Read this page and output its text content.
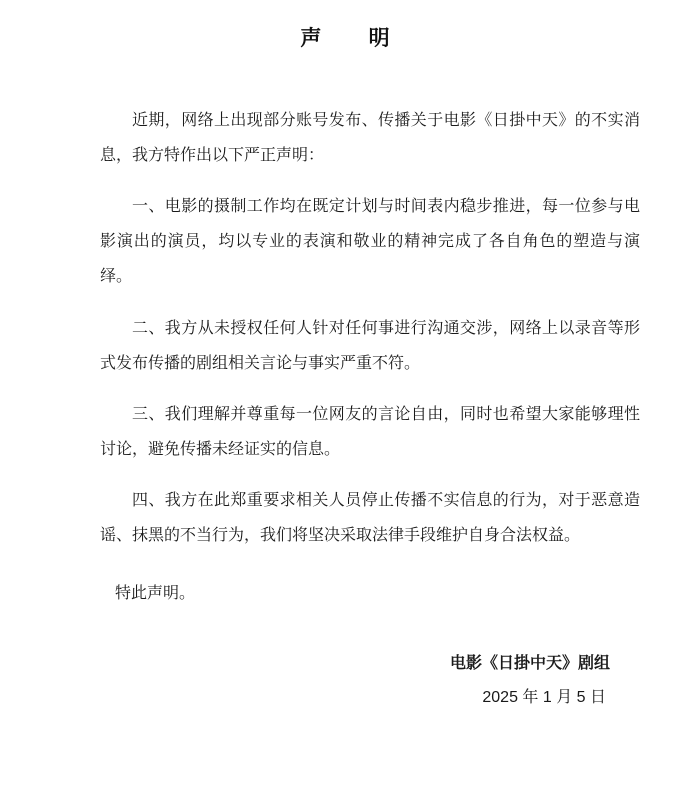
声 明

近期，网络上出现部分账号发布、传播关于电影《日掛中天》的不实消息，我方特作出以下严正声明：

一、电影的摄制工作均在既定计划与时间表内稳步推进，每一位参与电影演出的演员，均以专业的表演和敬业的精神完成了各自角色的塑造与演绎。

二、我方从未授权任何人针对任何事进行沟通交涉，网络上以录音等形式发布传播的剧组相关言论与事实严重不符。

三、我们理解并尊重每一位网友的言论自由，同时也希望大家能够理性讨论，避免传播未经证实的信息。

四、我方在此郑重要求相关人员停止传播不实信息的行为，对于恶意造谣、抹黑的不当行为，我们将坚决采取法律手段维护自身合法权益。

特此声明。

电影《日掛中天》剧组
2025 年 1 月 5 日
